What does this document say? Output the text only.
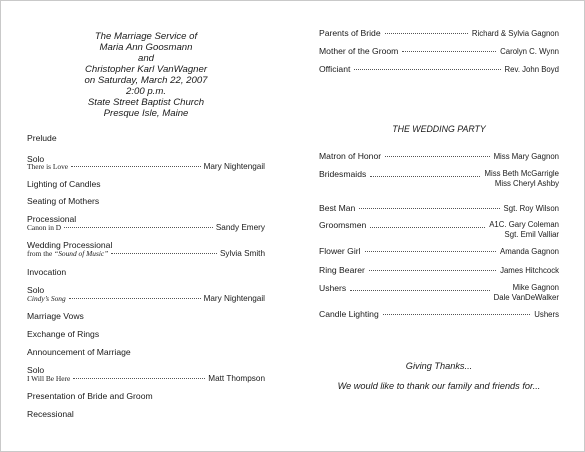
The Marriage Service of
Maria Ann Goosmann
and
Christopher Karl VanWagner
on Saturday, March 22, 2007
2:00 p.m.
State Street Baptist Church
Presque Isle, Maine
Prelude
Solo
There is Love	Mary Nightengail
Lighting of Candles
Seating of Mothers
Processional
Canon in D	Sandy Emery
Wedding Processional
from the “Sound of Music”	Sylvia Smith
Invocation
Solo
Cindy’s Song	Mary Nightengail
Marriage Vows
Exchange of Rings
Announcement of Marriage
Solo
I Will Be Here	Matt Thompson
Presentation of Bride and Groom
Recessional
Parents of Bride	Richard & Sylvia Gagnon
Mother of the Groom	Carolyn C. Wynn
Officiant	Rev. John Boyd
THE WEDDING PARTY
Matron of Honor	Miss Mary Gagnon
Bridesmaids	Miss Beth McGarrigle
Miss Cheryl Ashby
Best Man	Sgt. Roy Wilson
Groomsmen	A1C. Gary Coleman
Sgt. Emil Valliar
Flower Girl	Amanda Gagnon
Ring Bearer	James Hitchcock
Ushers	Mike Gagnon
Dale VanDeWalker
Candle Lighting	Ushers
Giving Thanks...
We would like to thank our family and friends for...
